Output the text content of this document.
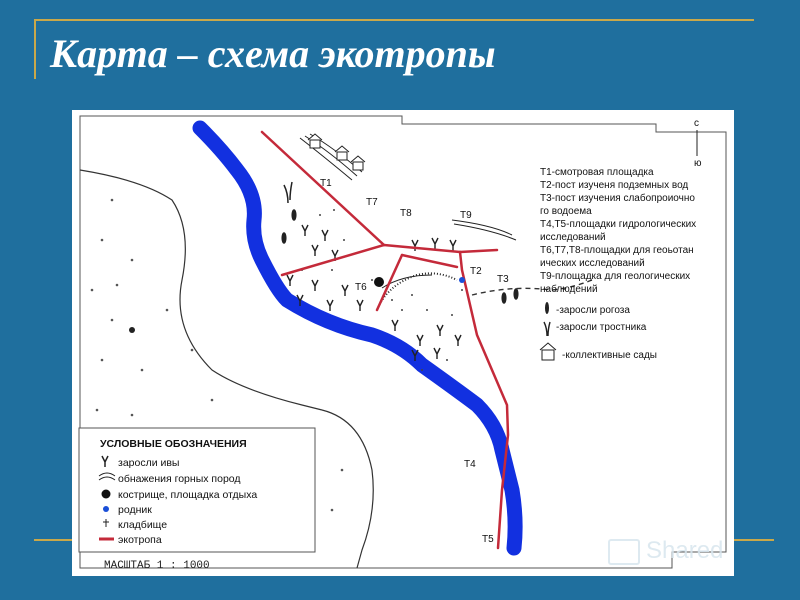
Карта – схема экотропы
Т1
Т2
Т3
Т4
Т5
Т6
Т7
Т8	Т9
с
ю
Т1-смотровая площадка
Т2-пост изученя подземных вод
Т3-пост изучения слабопроиочно
го водоема
Т4,Т5-площадки гидрологических
исследований
Т6,Т7,Т8-площадки для геоьотан
ических исследований
Т9-площадка для геологических
наблюдений
-заросли рогоза
-заросли тростника
-коллективные сады
УСЛОВНЫЕ ОБОЗНАЧЕНИЯ
заросли ивы
обнажения горных пород
кострище, площадка отдыха
родник
кладбище
экотропа
МАСШТАБ 1 : 1000
Shared
